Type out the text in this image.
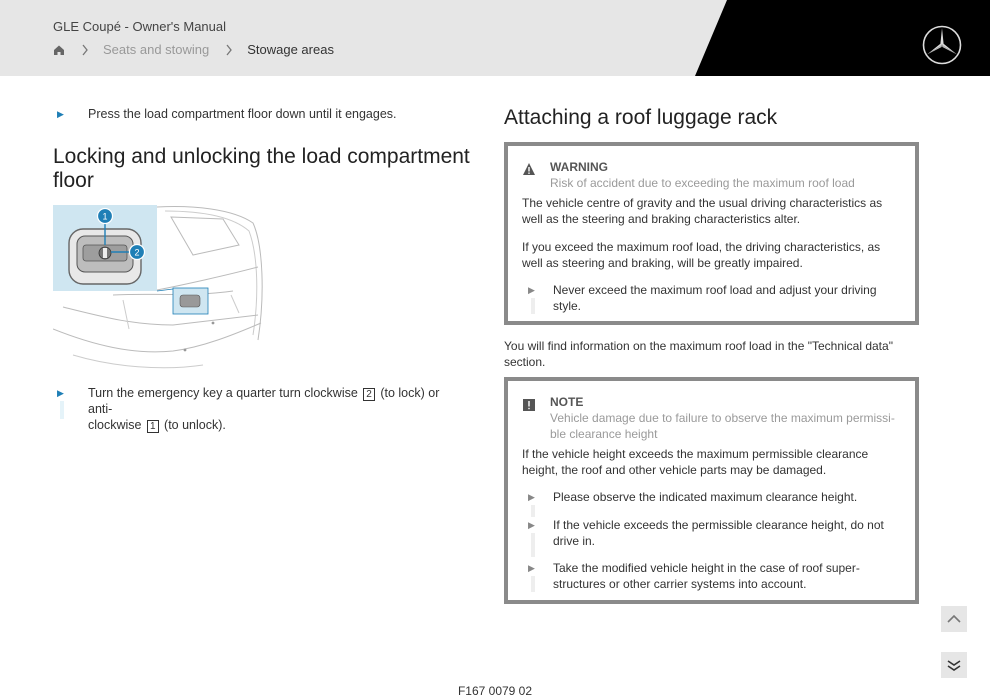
GLE Coupé - Owner's Manual
Seats and stowing	Stowage areas
▶ Press the load compartment floor down until it engages.
Locking and unlocking the load compartment floor
1
2
▶ Turn the emergency key a quarter turn clockwise 2 (to lock) or anti-
clockwise 1 (to unlock).
Attaching a roof luggage rack
WARNING
Risk of accident due to exceeding the maximum roof load
The vehicle centre of gravity and the usual driving characteristics as
well as the steering and braking characteristics alter.
If you exceed the maximum roof load, the driving characteristics, as
well as steering and braking, will be greatly impaired.
▶ Never exceed the maximum roof load and adjust your driving
style.
You will find information on the maximum roof load in the "Technical data"
section.
NOTE
Vehicle damage due to failure to observe the maximum permissi-
ble clearance height
If the vehicle height exceeds the maximum permissible clearance
height, the roof and other vehicle parts may be damaged.
▶ Please observe the indicated maximum clearance height.
▶ If the vehicle exceeds the permissible clearance height, do not
drive in.
▶ Take the modified vehicle height in the case of roof super-
structures or other carrier systems into account.
F167 0079 02
